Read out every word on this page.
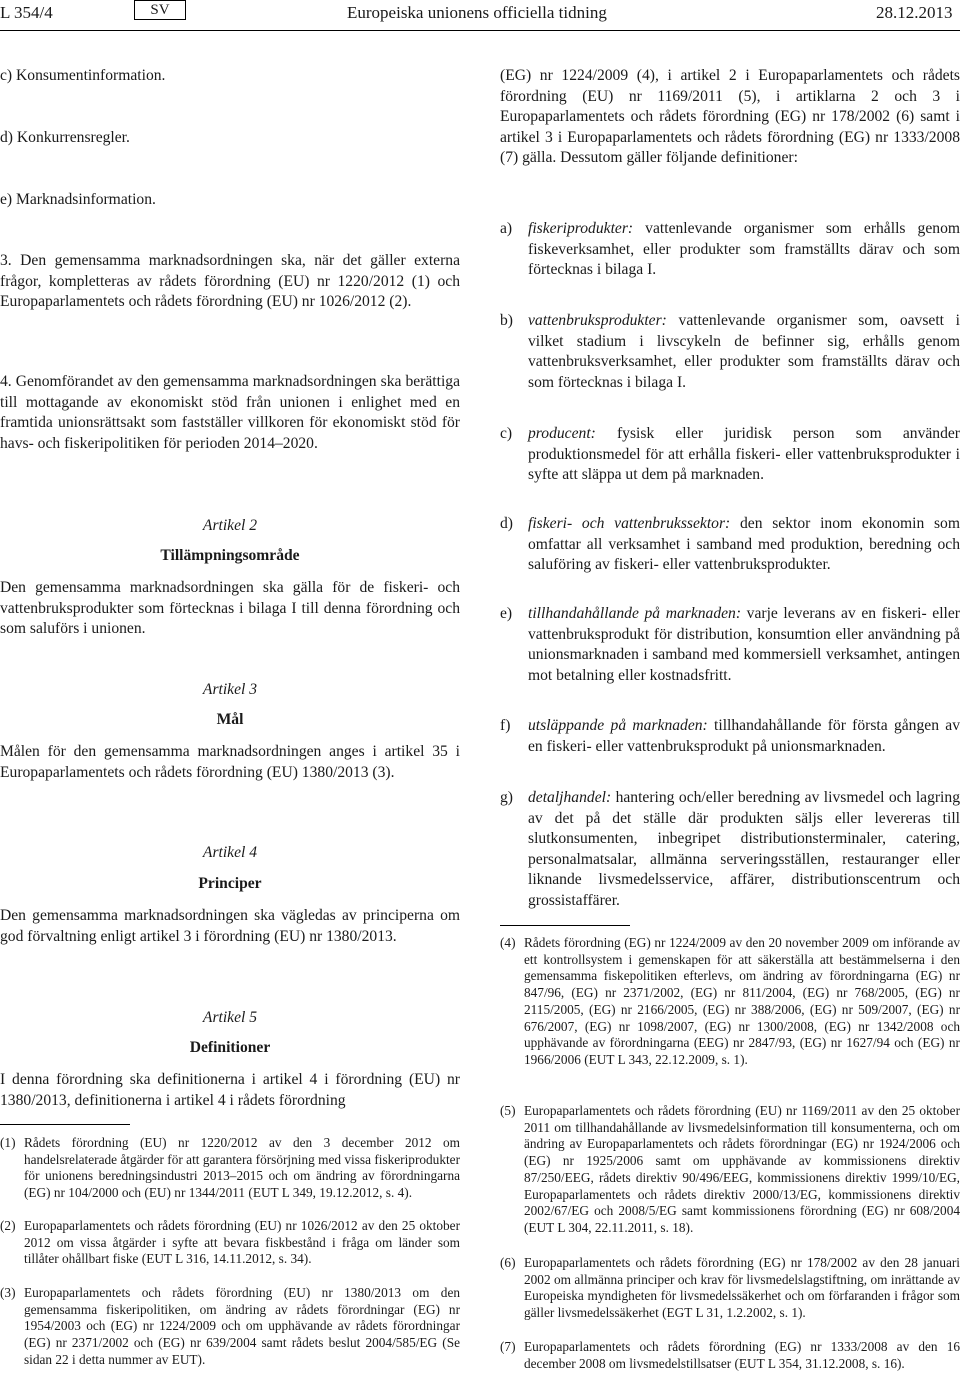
L 354/4	SV	Europeiska unionens officiella tidning	28.12.2013
c) Konsumentinformation.
d) Konkurrensregler.
e) Marknadsinformation.
3. Den gemensamma marknadsordningen ska, när det gäller externa frågor, kompletteras av rådets förordning (EU) nr 1220/2012 (1) och Europaparlamentets och rådets förordning (EU) nr 1026/2012 (2).
4. Genomförandet av den gemensamma marknadsordningen ska berättiga till mottagande av ekonomiskt stöd från unionen i enlighet med en framtida unionsrättsakt som fastställer villkoren för ekonomiskt stöd för havs- och fiskeripolitiken för perioden 2014–2020.
Artikel 2
Tillämpningsområde
Den gemensamma marknadsordningen ska gälla för de fiskeri- och vattenbruksprodukter som förtecknas i bilaga I till denna förordning och som saluförs i unionen.
Artikel 3
Mål
Målen för den gemensamma marknadsordningen anges i artikel 35 i Europaparlamentets och rådets förordning (EU) 1380/2013 (3).
Artikel 4
Principer
Den gemensamma marknadsordningen ska vägledas av principerna om god förvaltning enligt artikel 3 i förordning (EU) nr 1380/2013.
Artikel 5
Definitioner
I denna förordning ska definitionerna i artikel 4 i förordning (EU) nr 1380/2013, definitionerna i artikel 4 i rådets förordning
(1) Rådets förordning (EU) nr 1220/2012 av den 3 december 2012 om handelsrelaterade åtgärder för att garantera försörjning med vissa fiskeriprodukter för unionens beredningsindustri 2013–2015 och om ändring av förordningarna (EG) nr 104/2000 och (EU) nr 1344/2011 (EUT L 349, 19.12.2012, s. 4).
(2) Europaparlamentets och rådets förordning (EU) nr 1026/2012 av den 25 oktober 2012 om vissa åtgärder i syfte att bevara fiskbestånd i fråga om länder som tillåter ohållbart fiske (EUT L 316, 14.11.2012, s. 34).
(3) Europaparlamentets och rådets förordning (EU) nr 1380/2013 om den gemensamma fiskeripolitiken, om ändring av rådets förordningar (EG) nr 1954/2003 och (EG) nr 1224/2009 och om upphävande av rådets förordningar (EG) nr 2371/2002 och (EG) nr 639/2004 samt rådets beslut 2004/585/EG (Se sidan 22 i detta nummer av EUT).
(EG) nr 1224/2009 (4), i artikel 2 i Europaparlamentets och rådets förordning (EU) nr 1169/2011 (5), i artiklarna 2 och 3 i Europaparlamentets och rådets förordning (EG) nr 178/2002 (6) samt i artikel 3 i Europaparlamentets och rådets förordning (EG) nr 1333/2008 (7) gälla. Dessutom gäller följande definitioner:
a) fiskeriprodukter: vattenlevande organismer som erhålls genom fiskeverksamhet, eller produkter som framställts därav och som förtecknas i bilaga I.
b) vattenbruksprodukter: vattenlevande organismer som, oavsett i vilket stadium i livscykeln de befinner sig, erhålls genom vattenbruksverksamhet, eller produkter som framställts därav och som förtecknas i bilaga I.
c) producent: fysisk eller juridisk person som använder produktionsmedel för att erhålla fiskeri- eller vattenbruksprodukter i syfte att släppa ut dem på marknaden.
d) fiskeri- och vattenbrukssektor: den sektor inom ekonomin som omfattar all verksamhet i samband med produktion, beredning och saluföring av fiskeri- eller vattenbruksprodukter.
e) tillhandahållande på marknaden: varje leverans av en fiskeri- eller vattenbruksprodukt för distribution, konsumtion eller användning på unionsmarknaden i samband med kommersiell verksamhet, antingen mot betalning eller kostnadsfritt.
f) utsläppande på marknaden: tillhandahållande för första gången av en fiskeri- eller vattenbruksprodukt på unionsmarknaden.
g) detaljhandel: hantering och/eller beredning av livsmedel och lagring av det på det ställe där produkten säljs eller levereras till slutkonsumenten, inbegripet distributionsterminaler, catering, personalmatsalar, allmänna serveringsställen, restauranger eller liknande livsmedelsservice, affärer, distributionscentrum och grossistaffärer.
(4) Rådets förordning (EG) nr 1224/2009 av den 20 november 2009 om införande av ett kontrollsystem i gemenskapen för att säkerställa att bestämmelserna i den gemensamma fiskepolitiken efterlevs, om ändring av förordningarna (EG) nr 847/96, (EG) nr 2371/2002, (EG) nr 811/2004, (EG) nr 768/2005, (EG) nr 2115/2005, (EG) nr 2166/2005, (EG) nr 388/2006, (EG) nr 509/2007, (EG) nr 676/2007, (EG) nr 1098/2007, (EG) nr 1300/2008, (EG) nr 1342/2008 och upphävande av förordningarna (EEG) nr 2847/93, (EG) nr 1627/94 och (EG) nr 1966/2006 (EUT L 343, 22.12.2009, s. 1).
(5) Europaparlamentets och rådets förordning (EU) nr 1169/2011 av den 25 oktober 2011 om tillhandahållande av livsmedelsinformation till konsumenterna, och om ändring av Europaparlamentets och rådets förordningar (EG) nr 1924/2006 och (EG) nr 1925/2006 samt om upphävande av kommissionens direktiv 87/250/EEG, rådets direktiv 90/496/EEG, kommissionens direktiv 1999/10/EG, Europaparlamentets och rådets direktiv 2000/13/EG, kommissionens direktiv 2002/67/EG och 2008/5/EG samt kommissionens förordning (EG) nr 608/2004 (EUT L 304, 22.11.2011, s. 18).
(6) Europaparlamentets och rådets förordning (EG) nr 178/2002 av den 28 januari 2002 om allmänna principer och krav för livsmedelslagstiftning, om inrättande av Europeiska myndigheten för livsmedelssäkerhet och om förfaranden i frågor som gäller livsmedelssäkerhet (EGT L 31, 1.2.2002, s. 1).
(7) Europaparlamentets och rådets förordning (EG) nr 1333/2008 av den 16 december 2008 om livsmedelstillsatser (EUT L 354, 31.12.2008, s. 16).
